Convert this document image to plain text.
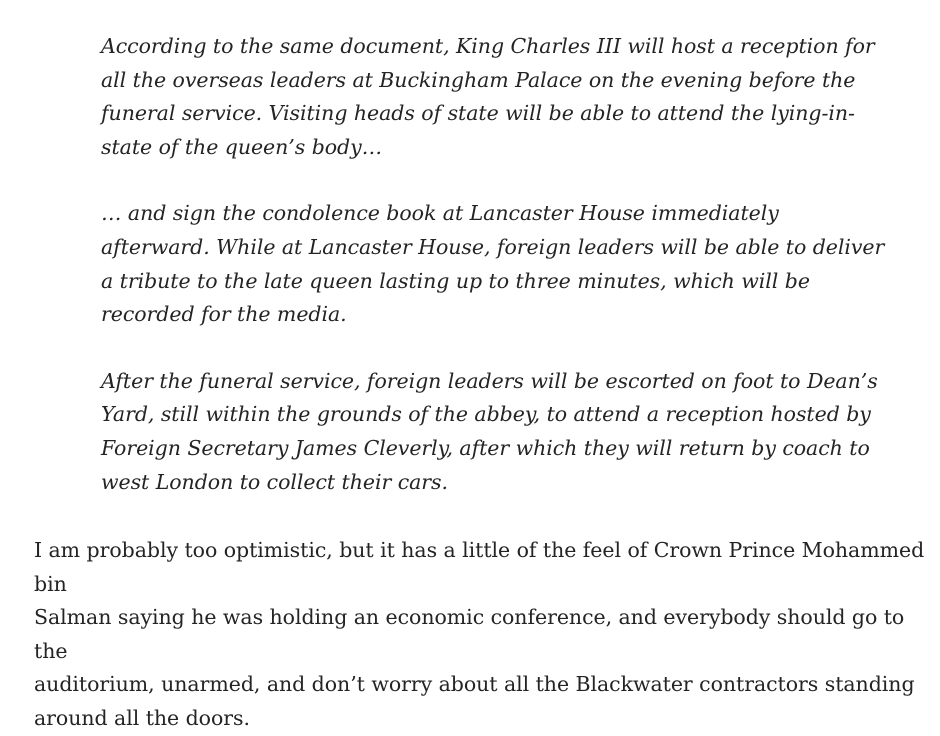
According to the same document, King Charles III will host a reception for
all the overseas leaders at Buckingham Palace on the evening before the
funeral service. Visiting heads of state will be able to attend the lying-in-
state of the queen’s body…

… and sign the condolence book at Lancaster House immediately
afterward. While at Lancaster House, foreign leaders will be able to deliver
a tribute to the late queen lasting up to three minutes, which will be
recorded for the media.

After the funeral service, foreign leaders will be escorted on foot to Dean’s
Yard, still within the grounds of the abbey, to attend a reception hosted by
Foreign Secretary James Cleverly, after which they will return by coach to
west London to collect their cars.

I am probably too optimistic, but it has a little of the feel of Crown Prince Mohammed bin
Salman saying he was holding an economic conference, and everybody should go to the
auditorium, unarmed, and don’t worry about all the Blackwater contractors standing
around all the doors.
